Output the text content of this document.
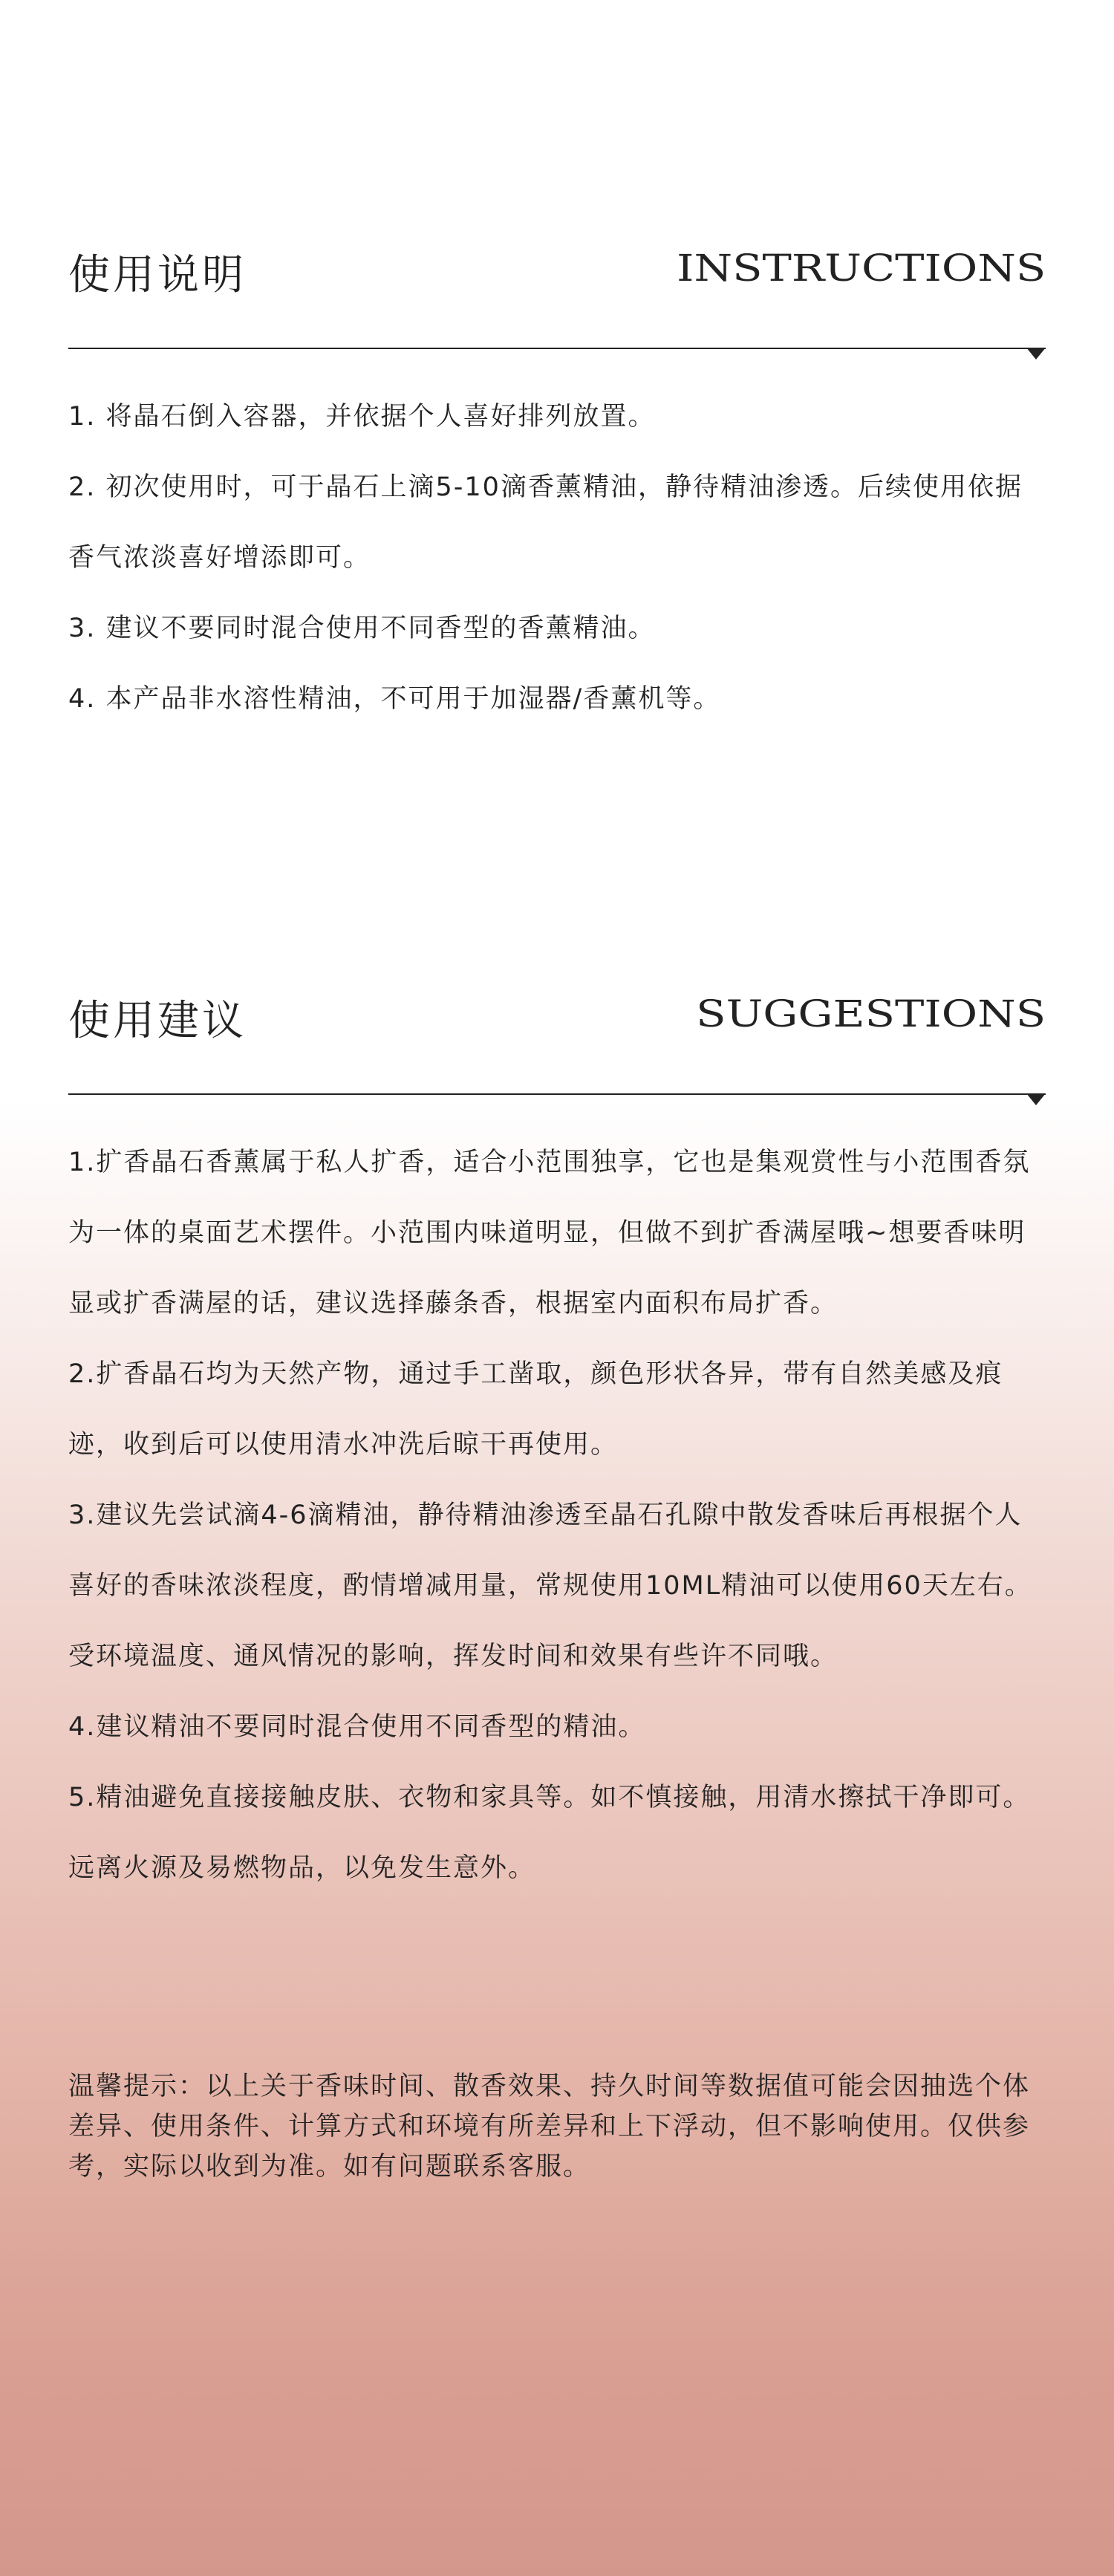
使用说明	INSTRUCTIONS

1. 将晶石倒入容器，并依据个人喜好排列放置。

2. 初次使用时，可于晶石上滴5-10滴香薰精油，静待精油渗透。后续使用依据香气浓淡喜好增添即可。

3. 建议不要同时混合使用不同香型的香薰精油。

4. 本产品非水溶性精油，不可用于加湿器/香薰机等。

使用建议	SUGGESTIONS

1.扩香晶石香薰属于私人扩香，适合小范围独享，它也是集观赏性与小范围香氛为一体的桌面艺术摆件。小范围内味道明显，但做不到扩香满屋哦~想要香味明显或扩香满屋的话，建议选择藤条香，根据室内面积布局扩香。

2.扩香晶石均为天然产物，通过手工凿取，颜色形状各异，带有自然美感及痕迹，收到后可以使用清水冲洗后晾干再使用。

3.建议先尝试滴4-6滴精油，静待精油渗透至晶石孔隙中散发香味后再根据个人喜好的香味浓淡程度，酌情增减用量，常规使用10ML精油可以使用60天左右。受环境温度、通风情况的影响，挥发时间和效果有些许不同哦。

4.建议精油不要同时混合使用不同香型的精油。

5.精油避免直接接触皮肤、衣物和家具等。如不慎接触，用清水擦拭干净即可。远离火源及易燃物品，以免发生意外。

温馨提示：以上关于香味时间、散香效果、持久时间等数据值可能会因抽选个体差异、使用条件、计算方式和环境有所差异和上下浮动，但不影响使用。仅供参考，实际以收到为准。如有问题联系客服。
